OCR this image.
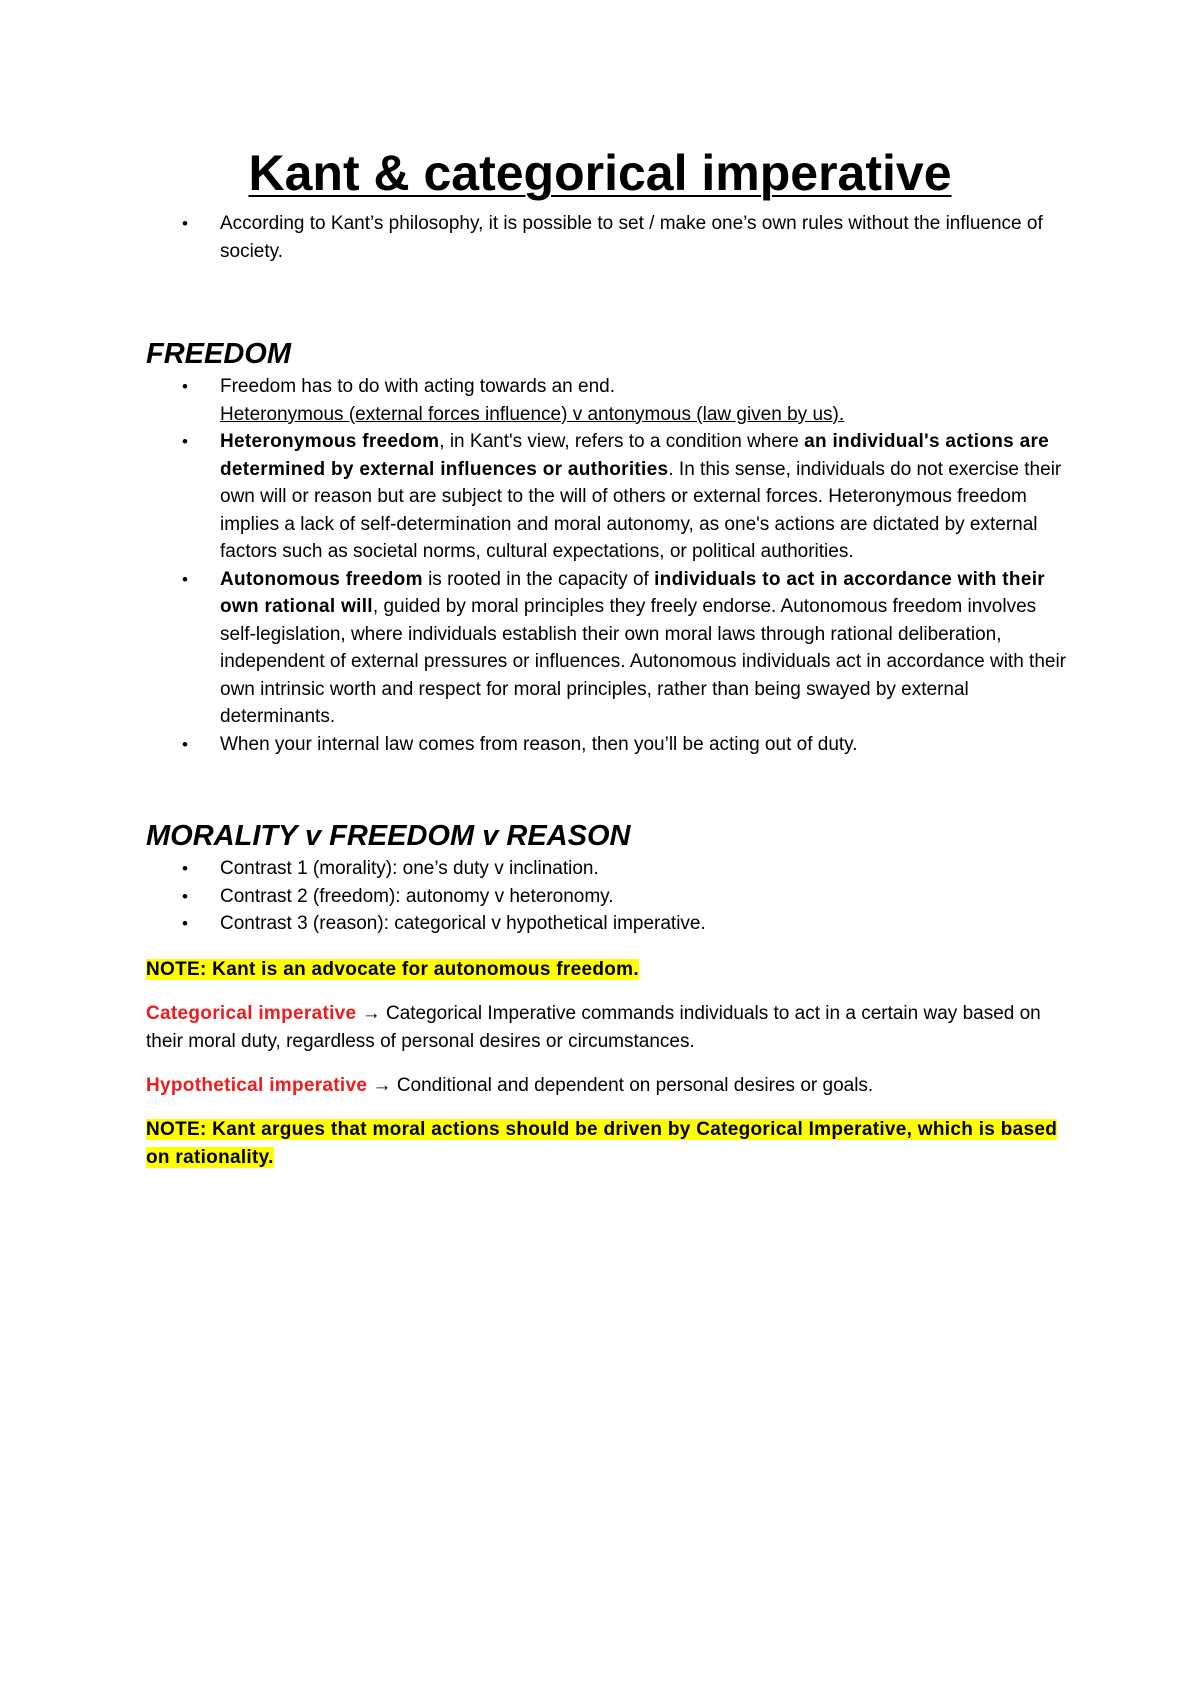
Kant & categorical imperative
• According to Kant’s philosophy, it is possible to set / make one’s own rules without the influence of society.
FREEDOM
• Freedom has to do with acting towards an end.
Heteronymous (external forces influence) v antonymous (law given by us).
• Heteronymous freedom, in Kant's view, refers to a condition where an individual's actions are determined by external influences or authorities. In this sense, individuals do not exercise their own will or reason but are subject to the will of others or external forces. Heteronymous freedom implies a lack of self-determination and moral autonomy, as one's actions are dictated by external factors such as societal norms, cultural expectations, or political authorities.
• Autonomous freedom is rooted in the capacity of individuals to act in accordance with their own rational will, guided by moral principles they freely endorse. Autonomous freedom involves self-legislation, where individuals establish their own moral laws through rational deliberation, independent of external pressures or influences. Autonomous individuals act in accordance with their own intrinsic worth and respect for moral principles, rather than being swayed by external determinants.
• When your internal law comes from reason, then you’ll be acting out of duty.
MORALITY v FREEDOM v REASON
• Contrast 1 (morality): one’s duty v inclination.
• Contrast 2 (freedom): autonomy v heteronomy.
• Contrast 3 (reason): categorical v hypothetical imperative.

NOTE: Kant is an advocate for autonomous freedom.

Categorical imperative → Categorical Imperative commands individuals to act in a certain way based on their moral duty, regardless of personal desires or circumstances.

Hypothetical imperative → Conditional and dependent on personal desires or goals.

NOTE: Kant argues that moral actions should be driven by Categorical Imperative, which is based on rationality.
